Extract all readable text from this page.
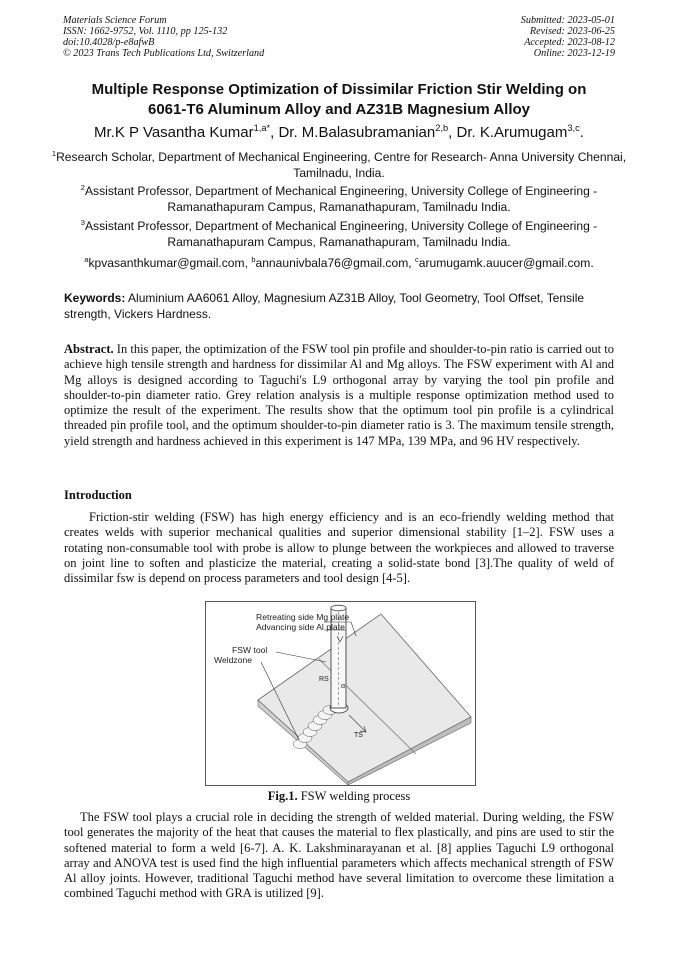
Materials Science Forum
ISSN: 1662-9752, Vol. 1110, pp 125-132
doi:10.4028/p-e8afwB
© 2023 Trans Tech Publications Ltd, Switzerland
Submitted: 2023-05-01
Revised: 2023-06-25
Accepted: 2023-08-12
Online: 2023-12-19
Multiple Response Optimization of Dissimilar Friction Stir Welding on
6061-T6 Aluminum Alloy and AZ31B Magnesium Alloy
Mr.K P Vasantha Kumar$^{1,a*}$, Dr. M.Balasubramanian$^{2,b}$, Dr. K.Arumugam$^{3,c}$.
$^1$Research Scholar, Department of Mechanical Engineering, Centre for Research- Anna University Chennai, Tamilnadu, India.
$^2$Assistant Professor, Department of Mechanical Engineering, University College of Engineering - Ramanathapuram Campus, Ramanathapuram, Tamilnadu India.
$^3$Assistant Professor, Department of Mechanical Engineering, University College of Engineering - Ramanathapuram Campus, Ramanathapuram, Tamilnadu India.
$^a$kpvasanthkumar@gmail.com, $^b$annaunivbala76@gmail.com, $^c$arumugamk.auucer@gmail.com.
Keywords: Aluminium AA6061 Alloy, Magnesium AZ31B Alloy, Tool Geometry, Tool Offset, Tensile strength, Vickers Hardness.
Abstract. In this paper, the optimization of the FSW tool pin profile and shoulder-to-pin ratio is carried out to achieve high tensile strength and hardness for dissimilar Al and Mg alloys. The FSW experiment with Al and Mg alloys is designed according to Taguchi's L9 orthogonal array by varying the tool pin profile and shoulder-to-pin diameter ratio. Grey relation analysis is a multiple response optimization method used to optimize the result of the experiment. The results show that the optimum tool pin profile is a cylindrical threaded pin profile tool, and the optimum shoulder-to-pin diameter ratio is 3. The maximum tensile strength, yield strength and hardness achieved in this experiment is 147 MPa, 139 MPa, and 96 HV respectively.
Introduction
Friction-stir welding (FSW) has high energy efficiency and is an eco-friendly welding method that creates welds with superior mechanical qualities and superior dimensional stability [1–2]. FSW uses a rotating non-consumable tool with probe is allow to plunge between the workpieces and allowed to traverse on joint line to soften and plasticize the material, creating a solid-state bond [3].The quality of weld of dissimilar fsw is depend on process parameters and tool design [4-5].
Retreating side Mg plate
Advancing side Al plate
FSW tool
Weldzone
RS
α
TS
Fig.1. FSW welding process
The FSW tool plays a crucial role in deciding the strength of welded material. During welding, the FSW tool generates the majority of the heat that causes the material to flex plastically, and pins are used to stir the softened material to form a weld [6-7]. A. K. Lakshminarayanan et al. [8] applies Taguchi L9 orthogonal array and ANOVA test is used find the high influential parameters which affects mechanical strength of FSW Al alloy joints. However, traditional Taguchi method have several limitation to overcome these limitation a combined Taguchi method with GRA is utilized [9].
